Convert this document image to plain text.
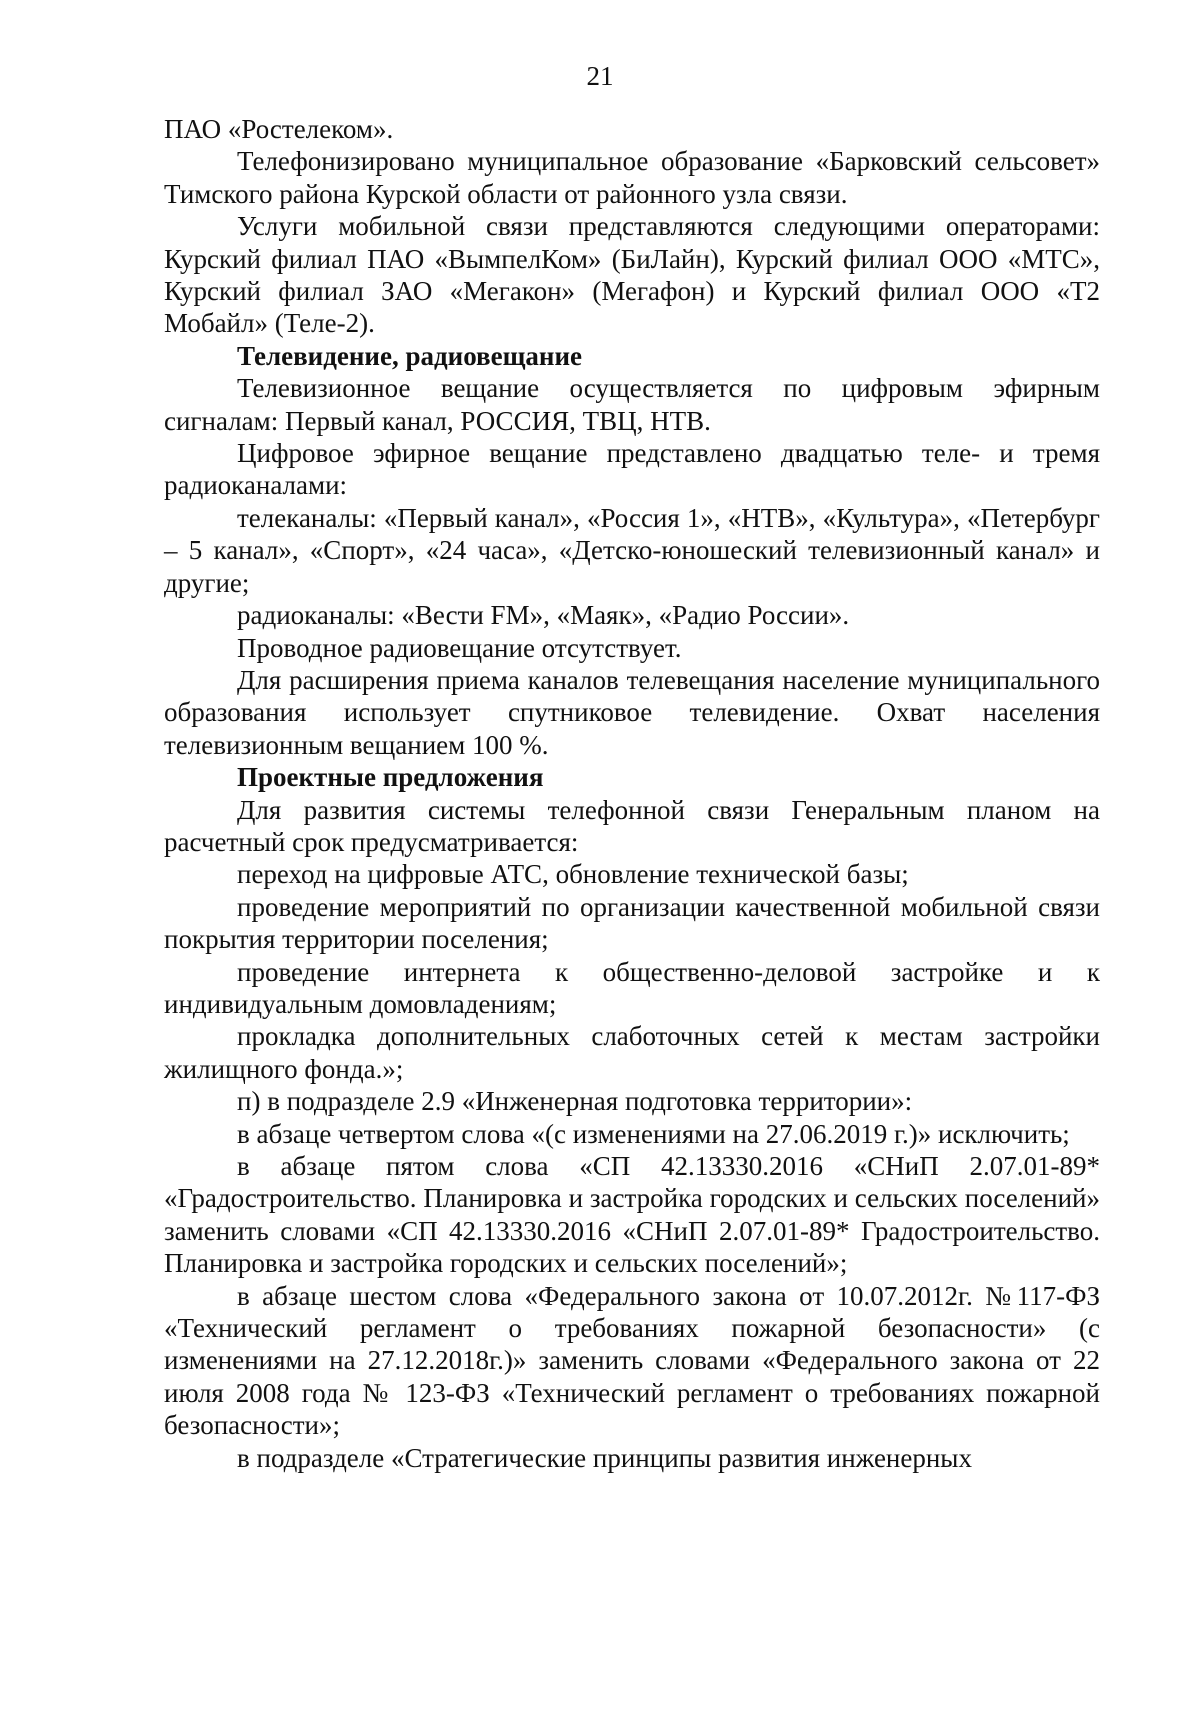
21

ПАО «Ростелеком».

Телефонизировано муниципальное образование «Барковский сельсовет» Тимского района Курской области от районного узла связи.

Услуги мобильной связи представляются следующими операторами: Курский филиал ПАО «ВымпелКом» (БиЛайн), Курский филиал ООО «МТС», Курский филиал ЗАО «Мегакон» (Мегафон) и Курский филиал ООО «Т2 Мобайл» (Теле-2).

Телевидение, радиовещание

Телевизионное вещание осуществляется по цифровым эфирным сигналам: Первый канал, РОССИЯ, ТВЦ, НТВ.

Цифровое эфирное вещание представлено двадцатью теле- и тремя радиоканалами:

телеканалы: «Первый канал», «Россия 1», «НТВ», «Культура», «Петербург – 5 канал», «Спорт», «24 часа», «Детско-юношеский телевизионный канал» и другие;

радиоканалы: «Вести FM», «Маяк», «Радио России».

Проводное радиовещание отсутствует.

Для расширения приема каналов телевещания население муниципального образования использует спутниковое телевидение. Охват населения телевизионным вещанием 100 %.

Проектные предложения

Для развития системы телефонной связи Генеральным планом на расчетный срок предусматривается:

переход на цифровые АТС, обновление технической базы;

проведение мероприятий по организации качественной мобильной связи покрытия территории поселения;

проведение интернета к общественно-деловой застройке и к индивидуальным домовладениям;

прокладка дополнительных слаботочных сетей к местам застройки жилищного фонда.»;

п) в подразделе 2.9 «Инженерная подготовка территории»:

в абзаце четвертом слова «(с изменениями на 27.06.2019 г.)» исключить;

в абзаце пятом слова «СП 42.13330.2016 «СНиП 2.07.01-89* «Градостроительство. Планировка и застройка городских и сельских поселений» заменить словами «СП 42.13330.2016 «СНиП 2.07.01-89* Градостроительство. Планировка и застройка городских и сельских поселений»;

в абзаце шестом слова «Федерального закона от 10.07.2012г. №117-ФЗ «Технический регламент о требованиях пожарной безопасности» (с изменениями на 27.12.2018г.)» заменить словами «Федерального закона от 22 июля 2008 года № 123-ФЗ «Технический регламент о требованиях пожарной безопасности»;

в подразделе «Стратегические принципы развития инженерных
